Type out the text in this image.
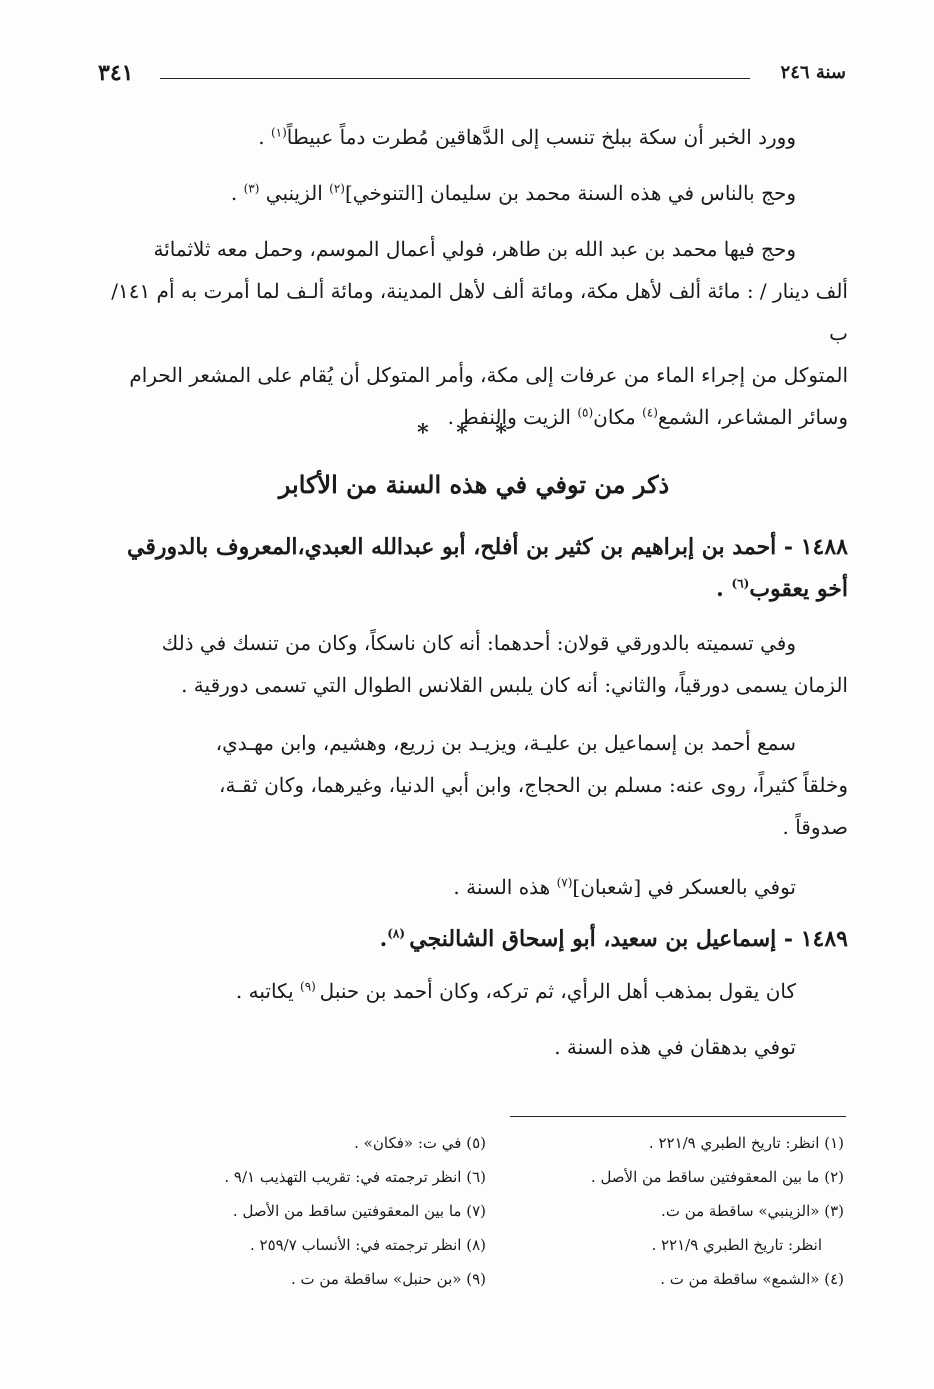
٣٤١	سنة ٢٤٦

وورد الخبر أن سكة ببلخ تنسب إلى الدَّهاقين مُطرت دماً عبيطاً$^{(١)}$ .

وحج بالناس في هذه السنة محمد بن سليمان [التنوخي]$^{(٢)}$ الزينبي $^{(٣)}$ .

وحج فيها محمد بن عبد الله بن طاهر، فولي أعمال الموسم، وحمل معه ثلاثمائة
ألف دينار / : مائة ألف لأهل مكة، ومائة ألف لأهل المدينة، ومائة ألـف لما أمرت به أم ١٤١/ب
المتوكل من إجراء الماء من عرفات إلى مكة، وأمر المتوكل أن يُقام على المشعر الحرام
وسائر المشاعر، الشمع$^{(٤)}$ مكان$^{(٥)}$ الزيت والنفط .
* * *
ذكر من توفي في هذه السنة من الأكابر
١٤٨٨ - أحمد بن إبراهيم بن كثير بن أفلح، أبو عبدالله العبدي،المعروف بالدورقي
أخو يعقوب$^{(٦)}$ .
وفي تسميته بالدورقي قولان: أحدهما: أنه كان ناسكاً، وكان من تنسك في ذلك
الزمان يسمى دورقياً، والثاني: أنه كان يلبس القلانس الطوال التي تسمى دورقية .
سمع أحمد بن إسماعيل بن عليـة، ويزيـد بن زريع، وهشيم، وابن مهـدي،
وخلقاً كثيراً، روى عنه: مسلم بن الحجاج، وابن أبي الدنيا، وغيرهما، وكان ثقـة،
صدوقاً .
توفي بالعسكر في [شعبان]$^{(٧)}$ هذه السنة .
١٤٨٩ - إسماعيل بن سعيد، أبو إسحاق الشالنجي $^{(٨)}$.
كان يقول بمذهب أهل الرأي، ثم تركه، وكان أحمد بن حنبل $^{(٩)}$ يكاتبه .
توفي بدهقان في هذه السنة .
(١) انظر: تاريخ الطبري ٢٢١/٩ .
(٢) ما بين المعقوفتين ساقط من الأصل .
(٣) «الزينبي» ساقطة من ت.
انظر: تاريخ الطبري ٢٢١/٩ .
(٤) «الشمع» ساقطة من ت .
(٥) في ت: «فكان» .
(٦) انظر ترجمته في: تقريب التهذيب ٩/١ .
(٧) ما بين المعقوفتين ساقط من الأصل .
(٨) انظر ترجمته في: الأنساب ٢٥٩/٧ .
(٩) «بن حنبل» ساقطة من ت .
